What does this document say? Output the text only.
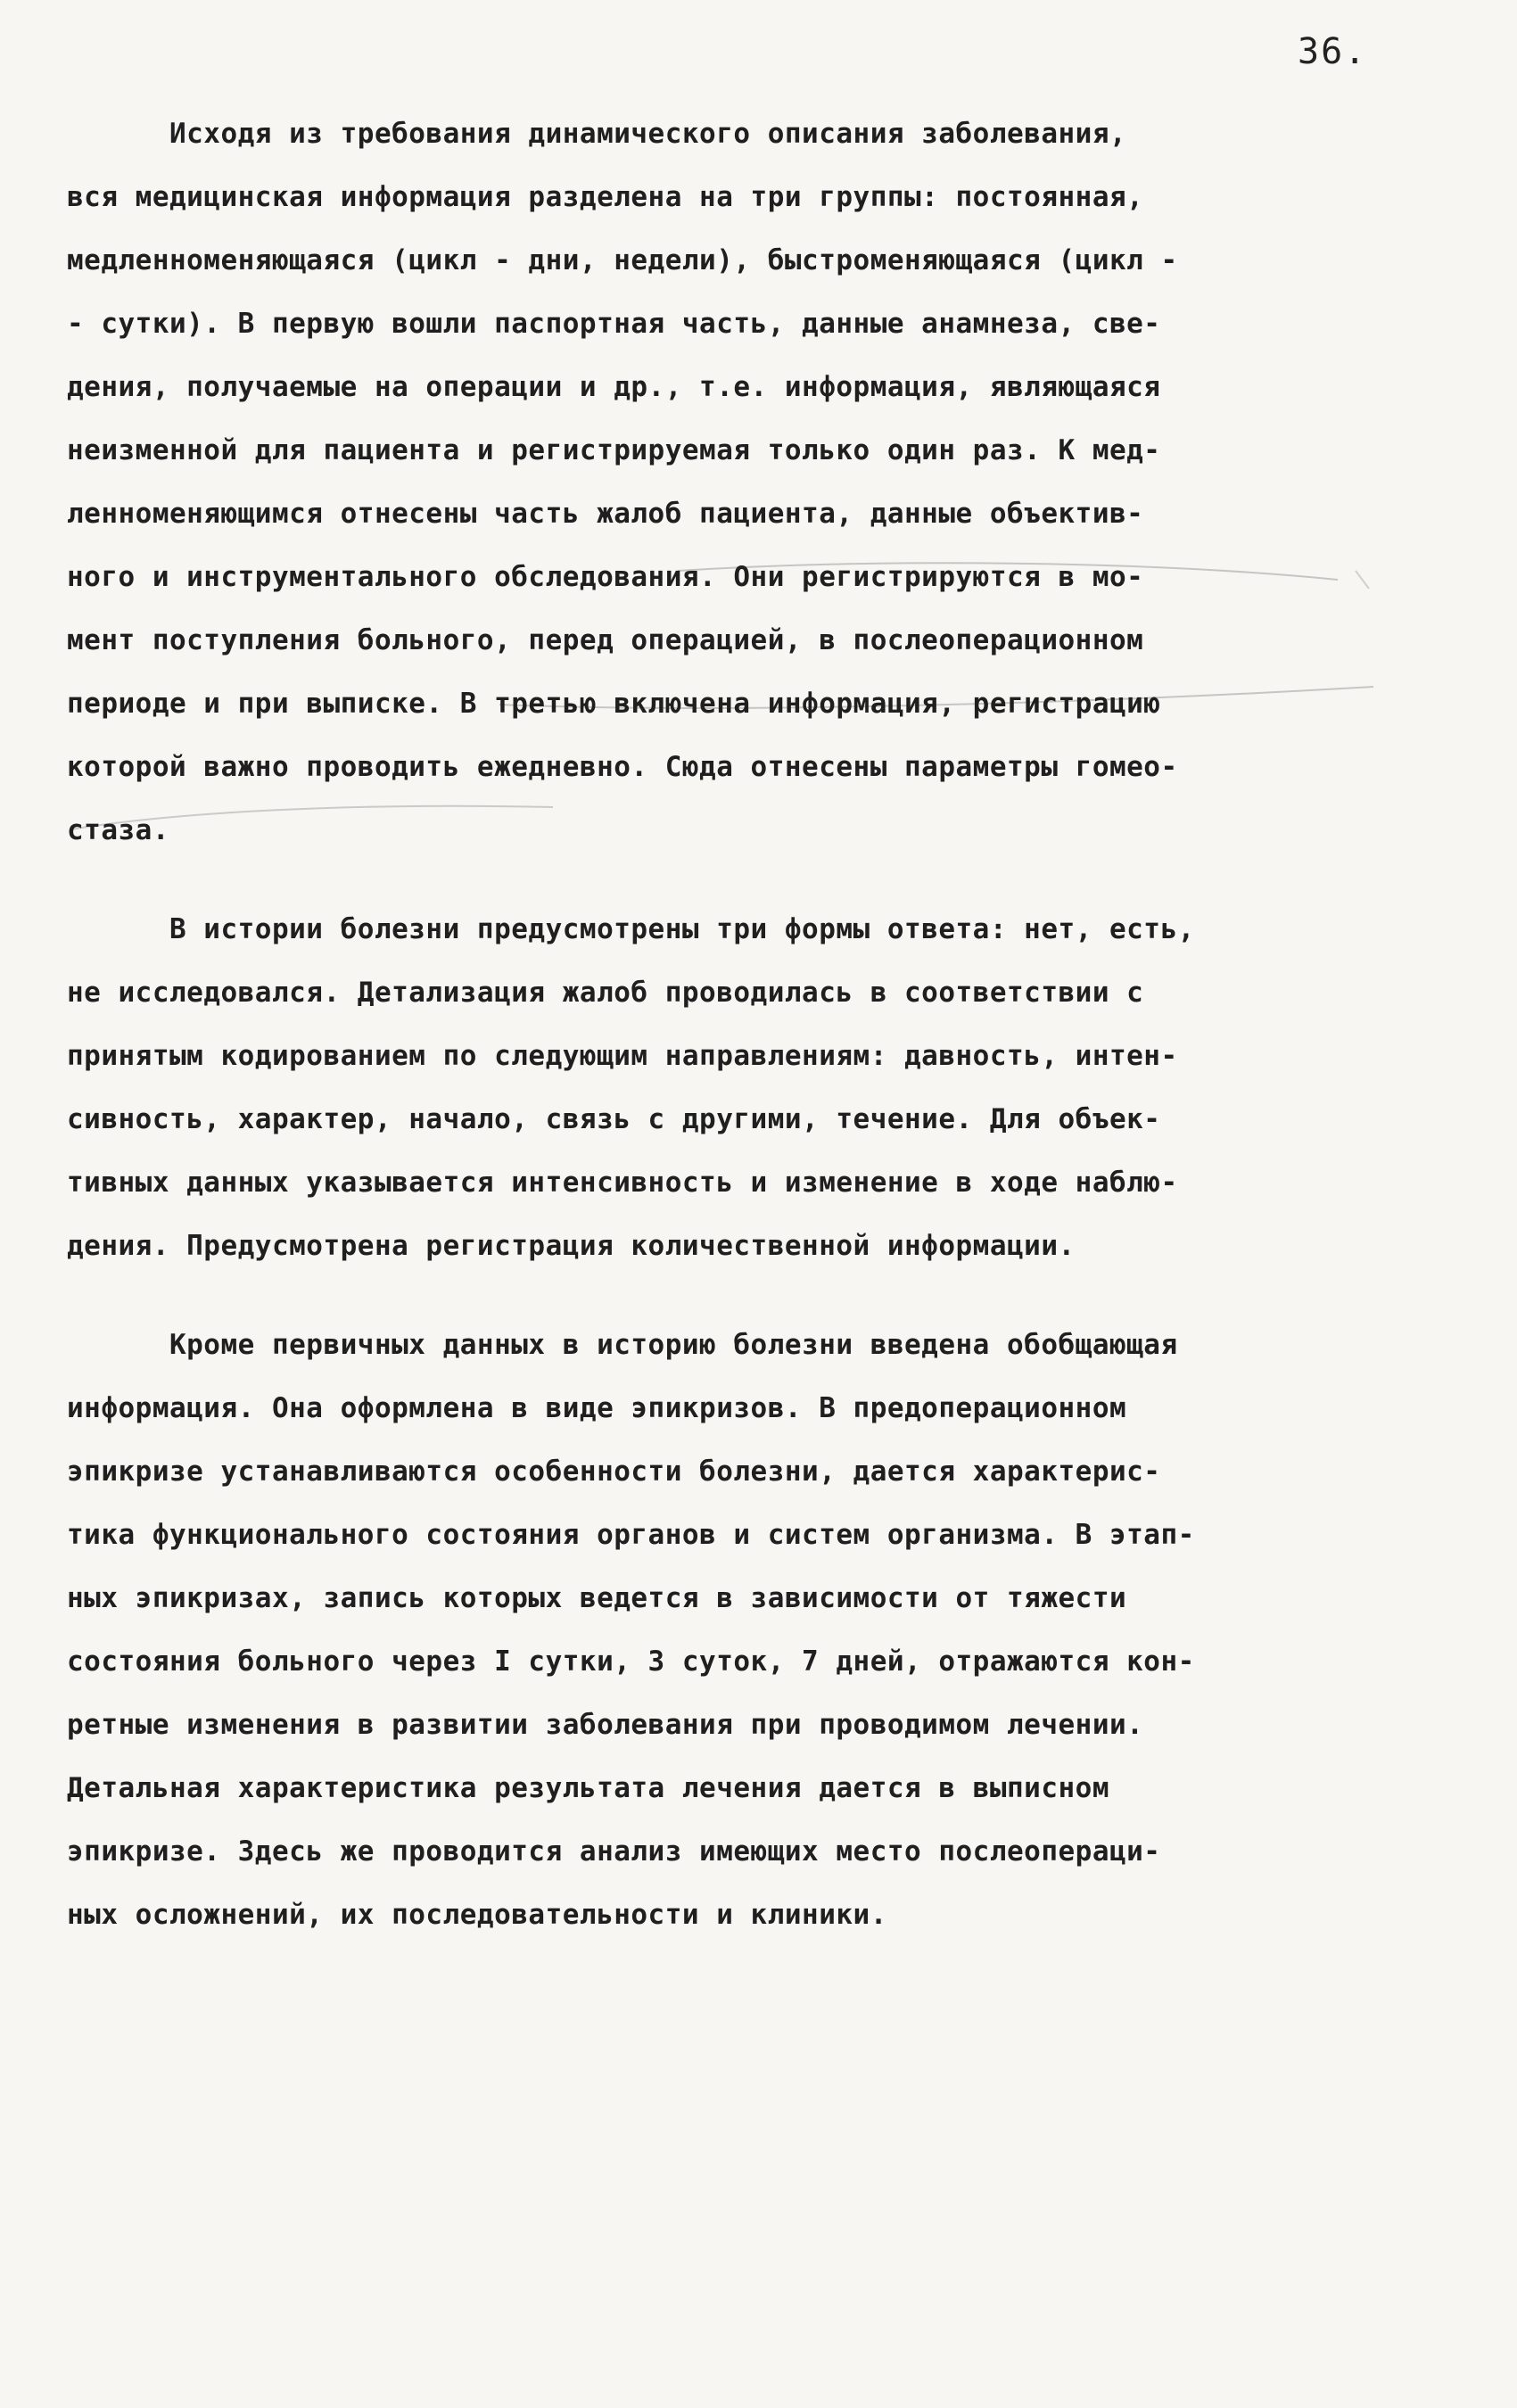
36.
Исходя из требования динамического описания заболевания,
вся медицинская информация разделена на три группы: постоянная,
медленноменяющаяся (цикл - дни, недели), быстроменяющаяся (цикл -
- сутки). В первую вошли паспортная часть, данные анамнеза, све-
дения, получаемые на операции и др., т.е. информация, являющаяся
неизменной для пациента и регистрируемая только один раз. К мед-
ленноменяющимся отнесены часть жалоб пациента, данные объектив-
ного и инструментального обследования. Они регистрируются в мо-
мент поступления больного, перед операцией, в послеоперационном
периоде и при выписке. В третью включена информация, регистрацию
которой важно проводить ежедневно. Сюда отнесены параметры гомео-
стаза.
В истории болезни предусмотрены три формы ответа: нет, есть,
не исследовался. Детализация жалоб проводилась в соответствии с
принятым кодированием по следующим направлениям: давность, интен-
сивность, характер, начало, связь с другими, течение. Для объек-
тивных данных указывается интенсивность и изменение в ходе наблю-
дения. Предусмотрена регистрация количественной информации.
Кроме первичных данных в историю болезни введена обобщающая
информация. Она оформлена в виде эпикризов. В предоперационном
эпикризе устанавливаются особенности болезни, дается характерис-
тика функционального состояния органов и систем организма. В этап-
ных эпикризах, запись которых ведется в зависимости от тяжести
состояния больного через I сутки, 3 суток, 7 дней, отражаются кон-
ретные изменения в развитии заболевания при проводимом лечении.
Детальная характеристика результата лечения дается в выписном
эпикризе. Здесь же проводится анализ имеющих место послеопераци-
ных осложнений, их последовательности и клиники.
